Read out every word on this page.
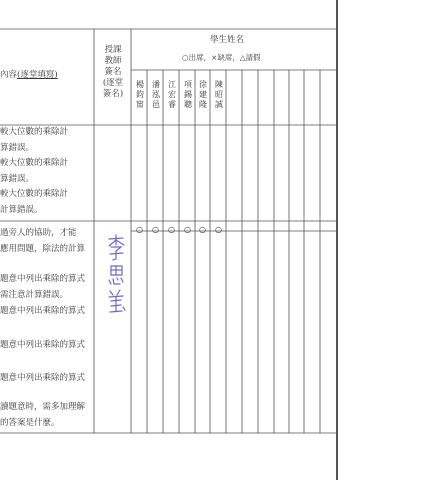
內容(逐堂填寫)
授課
教師
簽名
(逐堂
簽名)
學生姓名
○出席，×缺席，△請假
楊鈞甯
潘泓邑
江宏睿
項錫聰
徐建隆
陳昭誠
較大位數的乘除計
算錯誤。
較大位數的乘除計
算錯誤。
較大位數的乘除計
計算錯誤。
過旁人的協助，才能
應用問題，除法的計算
題意中列出乘除的算式
需注意計算錯誤。
題意中列出乘除的算式
題意中列出乘除的算式
題意中列出乘除的算式
讀題意時，需多加理解
的答案是什麼。
○ ○ ○ ○ ○ ○
